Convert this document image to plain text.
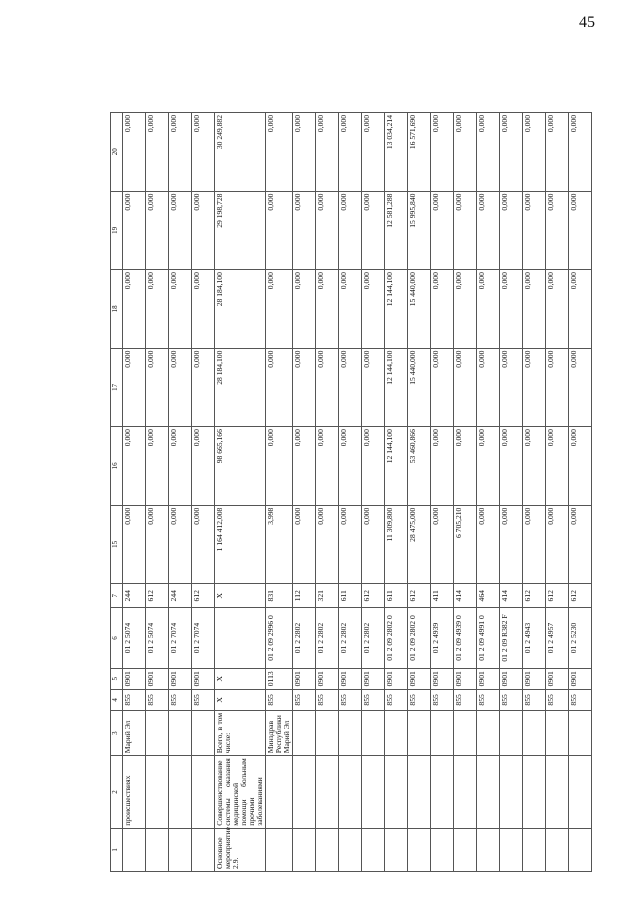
45
1	2	3	4	5	6	7	15	16	17	18	19	20
	происшествиях	Марий Эл	855	0901	01 2 5074	244	0,000	0,000	0,000	0,000	0,000	0,000
			855	0901	01 2 5074	612	0,000	0,000	0,000	0,000	0,000	0,000
			855	0901	01 2 7074	244	0,000	0,000	0,000	0,000	0,000	0,000
			855	0901	01 2 7074	612	0,000	0,000	0,000	0,000	0,000	0,000
Основное мероприятие 2.9.	Совершенствование системы оказания медицинской помощи больным прочими заболеваниями	Всего, в том числе:	Х	Х		Х	1 164 412,008	98 665,166	28 184,100	28 184,100	29 198,728	30 249,882
		Минздрав Республики Марий Эл	855	0113	01 2 09 2996 0	831	3,998	0,000	0,000	0,000	0,000	0,000
			855	0901	01 2 2802	112	0,000	0,000	0,000	0,000	0,000	0,000
			855	0901	01 2 2802	321	0,000	0,000	0,000	0,000	0,000	0,000
			855	0901	01 2 2802	611	0,000	0,000	0,000	0,000	0,000	0,000
			855	0901	01 2 2802	612	0,000	0,000	0,000	0,000	0,000	0,000
			855	0901	01 2 09 2802 0	611	11 309,800	12 144,100	12 144,100	12 144,100	12 581,288	13 034,214
			855	0901	01 2 09 2802 0	612	28 475,000	53 460,866	15 440,000	15 440,000	15 995,840	16 571,690
			855	0901	01 2 4939	411	0,000	0,000	0,000	0,000	0,000	0,000
			855	0901	01 2 09 4939 0	414	6 705,210	0,000	0,000	0,000	0,000	0,000
			855	0901	01 2 09 4991 0	464	0,000	0,000	0,000	0,000	0,000	0,000
			855	0901	01 2 09 R382 F	414	0,000	0,000	0,000	0,000	0,000	0,000
			855	0901	01 2 4943	612	0,000	0,000	0,000	0,000	0,000	0,000
			855	0901	01 2 4957	612	0,000	0,000	0,000	0,000	0,000	0,000
			855	0901	01 2 5230	612	0,000	0,000	0,000	0,000	0,000	0,000
